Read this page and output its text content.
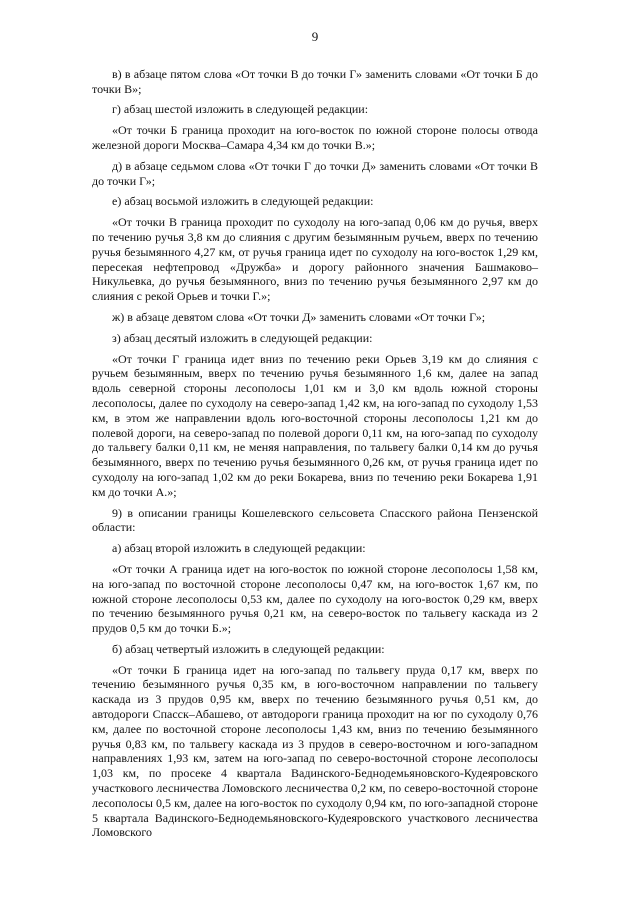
9

в) в абзаце пятом слова «От точки В до точки Г» заменить словами «От точки Б до точки В»;

г) абзац шестой изложить в следующей редакции:

«От точки Б граница проходит на юго-восток по южной стороне полосы отвода железной дороги Москва–Самара 4,34 км до точки В.»;

д) в абзаце седьмом слова «От точки Г до точки Д» заменить словами «От точки В до точки Г»;

е) абзац восьмой изложить в следующей редакции:

«От точки В граница проходит по суходолу на юго-запад 0,06 км до ручья, вверх по течению ручья 3,8 км до слияния с другим безымянным ручьем, вверх по течению ручья безымянного 4,27 км, от ручья граница идет по суходолу на юго-восток 1,29 км, пересекая нефтепровод «Дружба» и дорогу районного значения Башмаково–Никульевка, до ручья безымянного, вниз по течению ручья безымянного 2,97 км до слияния с рекой Орьев и точки Г.»;

ж) в абзаце девятом слова «От точки Д» заменить словами «От точки Г»;

з) абзац десятый изложить в следующей редакции:

«От точки Г граница идет вниз по течению реки Орьев 3,19 км до слияния с ручьем безымянным, вверх по течению ручья безымянного 1,6 км, далее на запад вдоль северной стороны лесополосы 1,01 км и 3,0 км вдоль южной стороны лесополосы, далее по суходолу на северо-запад 1,42 км, на юго-запад по суходолу 1,53 км, в этом же направлении вдоль юго-восточной стороны лесополосы 1,21 км до полевой дороги, на северо-запад по полевой дороги 0,11 км, на юго-запад по суходолу до тальвегу балки 0,11 км, не меняя направления, по тальвегу балки 0,14 км до ручья безымянного, вверх по течению ручья безымянного 0,26 км, от ручья граница идет по суходолу на юго-запад 1,02 км до реки Бокарева, вниз по течению реки Бокарева 1,91 км до точки А.»;

9) в описании границы Кошелевского сельсовета Спасского района Пензенской области:

а) абзац второй изложить в следующей редакции:

«От точки А граница идет на юго-восток по южной стороне лесополосы 1,58 км, на юго-запад по восточной стороне лесополосы 0,47 км, на юго-восток 1,67 км, по южной стороне лесополосы 0,53 км, далее по суходолу на юго-восток 0,29 км, вверх по течению безымянного ручья 0,21 км, на северо-восток по тальвегу каскада из 2 прудов 0,5 км до точки Б.»;

б) абзац четвертый изложить в следующей редакции:

«От точки Б граница идет на юго-запад по тальвегу пруда 0,17 км, вверх по течению безымянного ручья 0,35 км, в юго-восточном направлении по тальвегу каскада из 3 прудов 0,95 км, вверх по течению безымянного ручья 0,51 км, до автодороги Спасск–Абашево, от автодороги граница проходит на юг по суходолу 0,76 км, далее по восточной стороне лесополосы 1,43 км, вниз по течению безымянного ручья 0,83 км, по тальвегу каскада из 3 прудов в северо-восточном и юго-западном направлениях 1,93 км, затем на юго-запад по северо-восточной стороне лесополосы 1,03 км, по просеке 4 квартала Вадинского-Беднодемьяновского-Кудеяровского участкового лесничества Ломовского лесничества 0,2 км, по северо-восточной стороне лесополосы 0,5 км, далее на юго-восток по суходолу 0,94 км, по юго-западной стороне 5 квартала Вадинского-Беднодемьяновского-Кудеяровского участкового лесничества Ломовского
